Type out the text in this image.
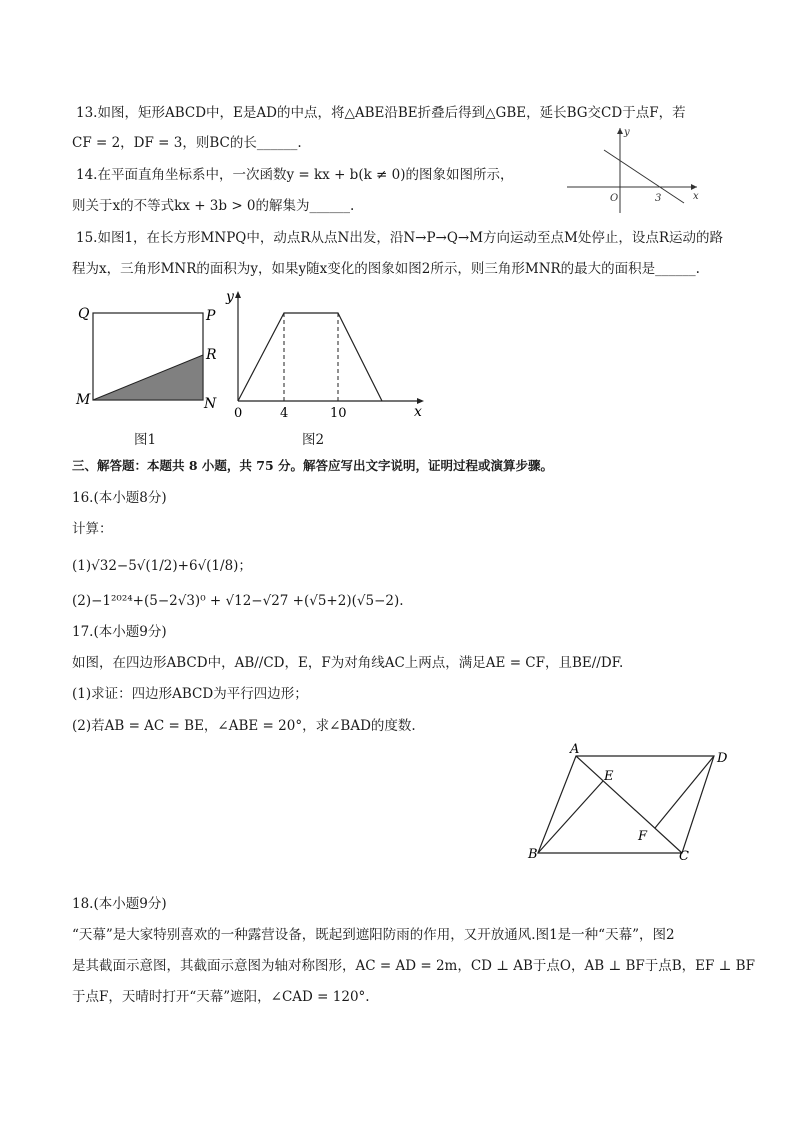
13.如图，矩形ABCD中，E是AD的中点，将△ABE沿BE折叠后得到△GBE，延长BG交CD于点F，若
CF = 2，DF = 3，则BC的长______.
14.在平面直角坐标系中，一次函数y = kx + b(k ≠ 0)的图象如图所示，
则关于x的不等式kx + 3b > 0的解集为______.
y
x
O	3
15.如图1，在长方形MNPQ中，动点R从点N出发，沿N→P→Q→M方向运动至点M处停止，设点R运动的路
程为x，三角形MNR的面积为y，如果y随x变化的图象如图2所示，则三角形MNR的最大的面积是______.
Q	P
R
M	N
图1
y
x
0	4	10
图2
三、解答题：本题共 8 小题，共 75 分。解答应写出文字说明，证明过程或演算步骤。
16.(本小题8分)
计算：
(1)√32−5√(1/2)+6√(1/8)；
(2)−1²⁰²⁴+(5−2√3)⁰ + √12−√27 +(√5+2)(√5−2).
17.(本小题9分)
如图，在四边形ABCD中，AB//CD，E，F为对角线AC上两点，满足AE = CF，且BE//DF.
(1)求证：四边形ABCD为平行四边形；
(2)若AB = AC = BE，∠ABE = 20°，求∠BAD的度数.
A
D
E
F
B	C
18.(本小题9分)
“天幕”是大家特别喜欢的一种露营设备，既起到遮阳防雨的作用，又开放通风.图1是一种“天幕”，图2
是其截面示意图，其截面示意图为轴对称图形，AC = AD = 2m，CD ⊥ AB于点O，AB ⊥ BF于点B，EF ⊥ BF
于点F，天晴时打开“天幕”遮阳，∠CAD = 120°.
